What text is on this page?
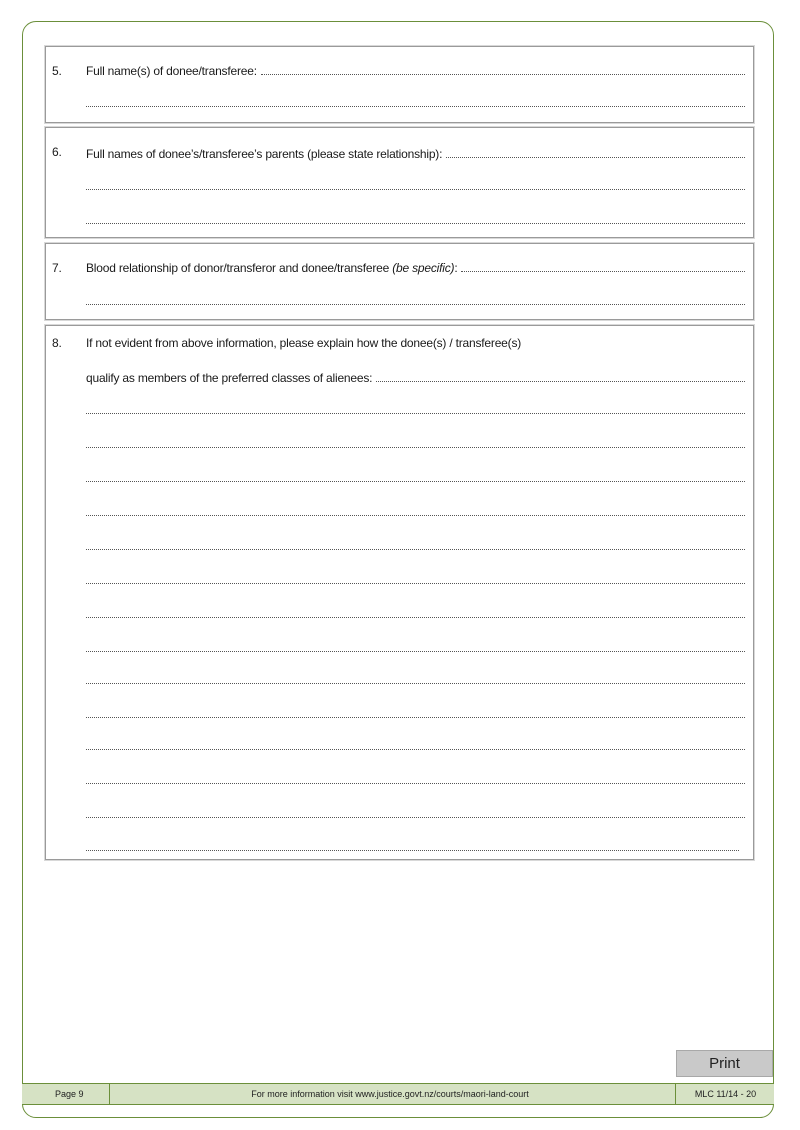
5. Full name(s) of donee/transferee:
6. Full names of donee’s/transferee’s parents (please state relationship):
7. Blood relationship of donor/transferor and donee/transferee (be specific):
8. If not evident from above information, please explain how the donee(s) / transferee(s)
qualify as members of the preferred classes of alienees:
Print
Page 9	For more information visit www.justice.govt.nz/courts/maori-land-court	MLC 11/14 - 20
